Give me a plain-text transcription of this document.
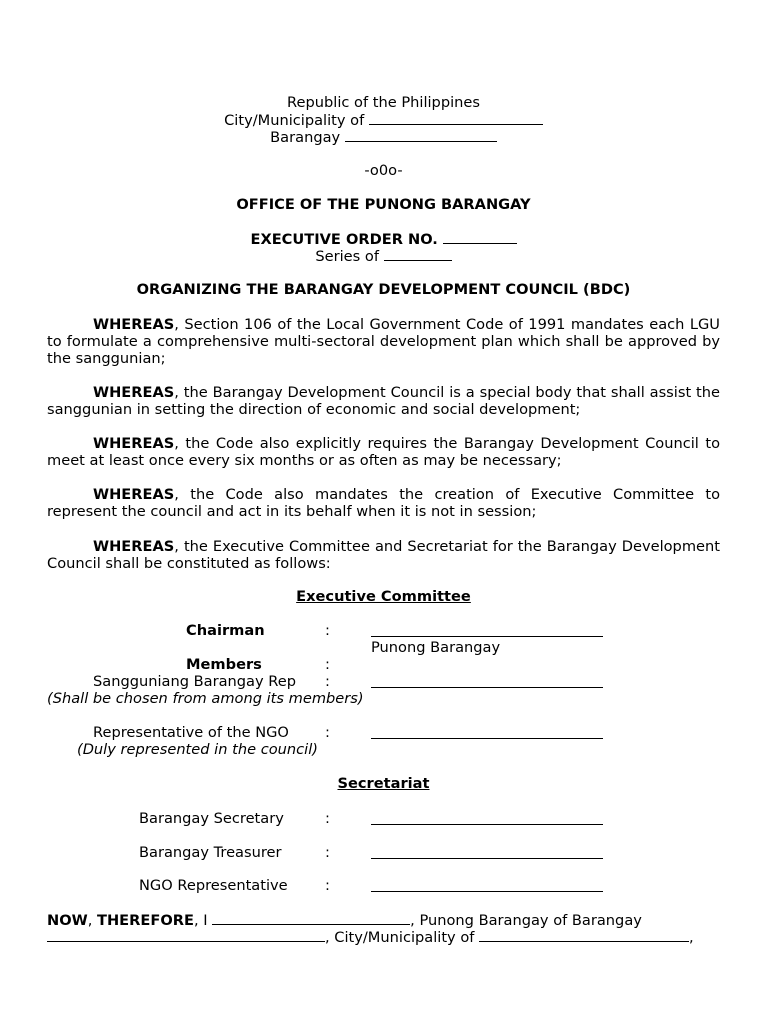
Republic of the Philippines
City/Municipality of
Barangay
-o0o-
OFFICE OF THE PUNONG BARANGAY
EXECUTIVE ORDER NO.
Series of
ORGANIZING THE BARANGAY DEVELOPMENT COUNCIL (BDC)
WHEREAS, Section 106 of the Local Government Code of 1991 mandates each LGU to formulate a comprehensive multi-sectoral development plan which shall be approved by the sanggunian;
WHEREAS, the Barangay Development Council is a special body that shall assist the sanggunian in setting the direction of economic and social development;
WHEREAS, the Code also explicitly requires the Barangay Development Council to meet at least once every six months or as often as may be necessary;
WHEREAS, the Code also mandates the creation of Executive Committee to represent the council and act in its behalf when it is not in session;
WHEREAS, the Executive Committee and Secretariat for the Barangay Development Council shall be constituted as follows:
Executive Committee
Chairman	:
Punong Barangay
Members	:
Sangguniang Barangay Rep :
(Shall be chosen from among its members)
Representative of the NGO :
(Duly represented in the council)
Secretariat
Barangay Secretary	:
Barangay Treasurer	:
NGO Representative	:
NOW, THEREFORE, I	, Punong Barangay of Barangay
, City/Municipality of	,
